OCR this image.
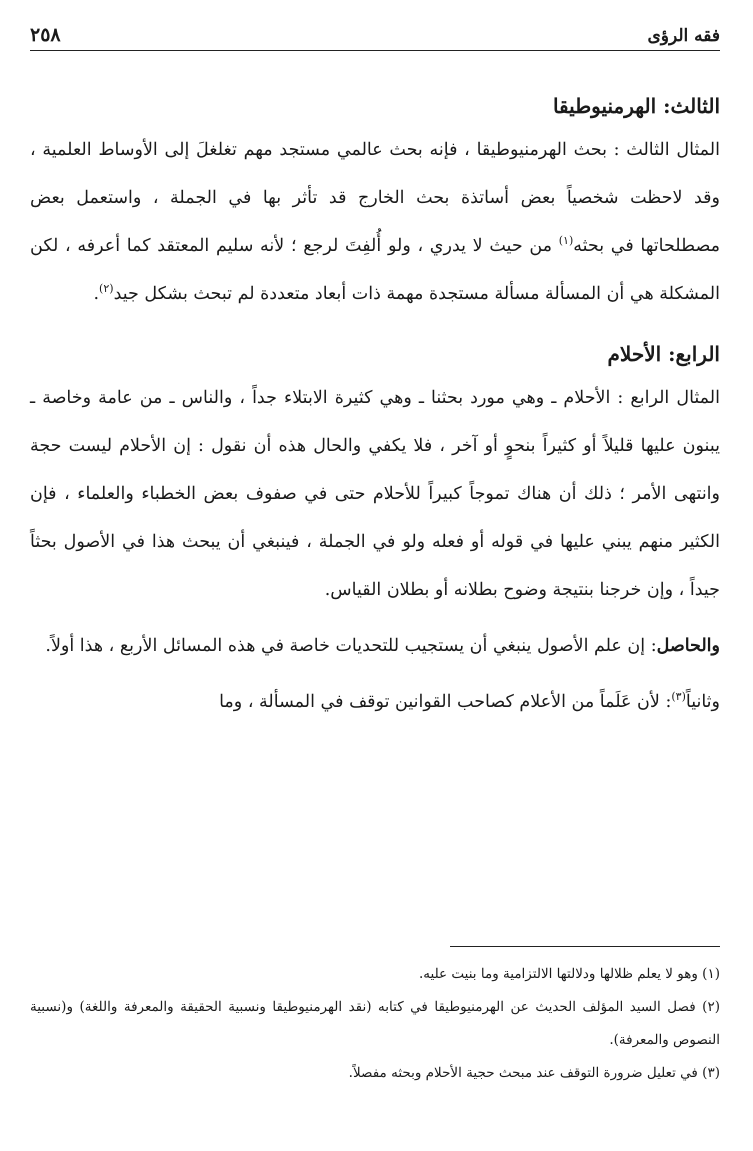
فقه الرؤى
٢٥٨
الثالث: الهرمنيوطيقا

المثال الثالث : بحث الهرمنيوطيقا ، فإنه بحث عالمي مستجد مهم تغلغلَ إلى الأوساط العلمية ، وقد لاحظت شخصياً بعض أساتذة بحث الخارج قد تأثر بها في الجملة ، واستعمل بعض مصطلحاتها في بحثه$^{(١)}$ من حيث لا يدري ، ولو أُلفِتَ لرجع ؛ لأنه سليم المعتقد كما أعرفه ، لكن المشكلة هي أن المسألة مسألة مستجدة مهمة ذات أبعاد متعددة لم تبحث بشكل جيد$^{(٢)}$.

الرابع: الأحلام

المثال الرابع : الأحلام ـ وهي مورد بحثنا ـ وهي كثيرة الابتلاء جداً ، والناس ـ من عامة وخاصة ـ يبنون عليها قليلاً أو كثيراً بنحوٍ أو آخر ، فلا يكفي والحال هذه أن نقول : إن الأحلام ليست حجة وانتهى الأمر ؛ ذلك أن هناك تموجاً كبيراً للأحلام حتى في صفوف بعض الخطباء والعلماء ، فإن الكثير منهم يبني عليها في قوله أو فعله ولو في الجملة ، فينبغي أن يبحث هذا في الأصول بحثاً جيداً ، وإن خرجنا بنتيجة وضوح بطلانه أو بطلان القياس.

والحاصل: إن علم الأصول ينبغي أن يستجيب للتحديات خاصة في هذه المسائل الأربع ، هذا أولاً.

وثانياً$^{(٣)}$: لأن عَلَماً من الأعلام كصاحب القوانين توقف في المسألة ، وما

(١) وهو لا يعلم ظلالها ودلالتها الالتزامية وما بنيت عليه.

(٢) فصل السيد المؤلف الحديث عن الهرمنيوطيقا في كتابه (نقد الهرمنيوطيقا ونسبية الحقيقة والمعرفة واللغة) و(نسبية النصوص والمعرفة).

(٣) في تعليل ضرورة التوقف عند مبحث حجية الأحلام وبحثه مفصلاً.
